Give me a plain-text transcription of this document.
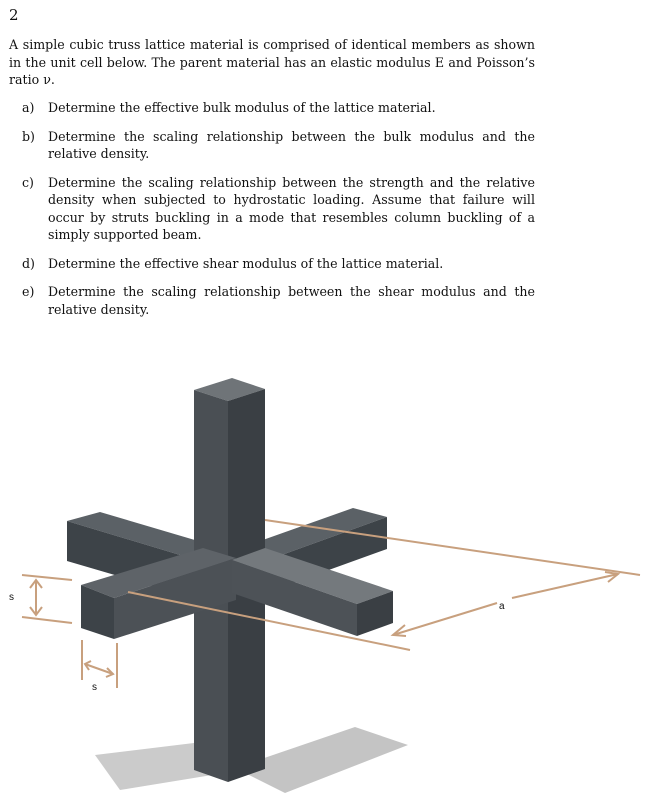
2

A simple cubic truss lattice material is comprised of identical members as shown in the unit cell below. The parent material has an elastic modulus E and Poisson’s ratio ν.

a)	Determine the effective bulk modulus of the lattice material.
b)	Determine the scaling relationship between the bulk modulus and the relative density.
c)	Determine the scaling relationship between the strength and the relative density when subjected to hydrostatic loading. Assume that failure will occur by struts buckling in a mode that resembles column buckling of a simply supported beam.
d)	Determine the effective shear modulus of the lattice material.
e)	Determine the scaling relationship between the shear modulus and the relative density.
s
s
a
